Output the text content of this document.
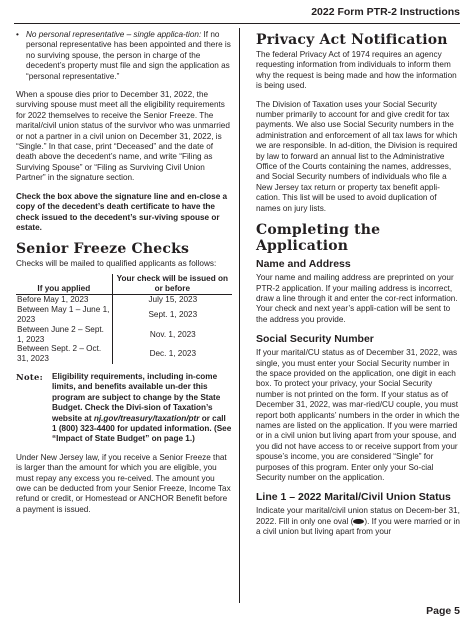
2022 Form PTR-2 Instructions
• No personal representative – single applica-tion: If no personal representative has been appointed and there is no surviving spouse, the person in charge of the decedent’s property must file and sign the application as “personal representative.”

When a spouse dies prior to December 31, 2022, the surviving spouse must meet all the eligibility requirements for 2022 themselves to receive the Senior Freeze. The marital/civil union status of the survivor who was unmarried or not a partner in a civil union on December 31, 2022, is “Single.” In that case, print “Deceased” and the date of death above the decedent’s name, and write “Filing as Surviving Spouse” or “Filing as Surviving Civil Union Partner” in the signature section.

Check the box above the signature line and en-close a copy of the decedent’s death certificate to have the check issued to the decedent’s sur-viving spouse or estate.

Senior Freeze Checks
Checks will be mailed to qualified applicants as follows:
If you applied	Your check will be issued on or before
Before May 1, 2023	July 15, 2023
Between May 1 – June 1, 2023	Sept. 1, 2023
Between June 2 – Sept. 1, 2023	Nov. 1, 2023
Between Sept. 2 – Oct. 31, 2023	Dec. 1, 2023
Note:	Eligibility requirements, including in-come limits, and benefits available un-der this program are subject to change by the State Budget. Check the Divi-sion of Taxation’s website at nj.gov/treasury/taxation/ptr or call 1 (800) 323-4400 for updated information. (See “Impact of State Budget” on page 1.)

Under New Jersey law, if you receive a Senior Freeze that is larger than the amount for which you are eligible, you must repay any excess you re-ceived. The amount you owe can be deducted from your Senior Freeze, Income Tax refund or credit, or Homestead or ANCHOR Benefit before a payment is issued.

Privacy Act Notification

The federal Privacy Act of 1974 requires an agency requesting information from individuals to inform them why the request is being made and how the information is being used.

The Division of Taxation uses your Social Security number primarily to account for and give credit for tax payments. We also use Social Security numbers in the administration and enforcement of all tax laws for which we are responsible. In ad-dition, the Division is required by law to forward an annual list to the Administrative Office of the Courts containing the names, addresses, and Social Security numbers of individuals who file a New Jersey tax return or property tax benefit appli-cation. This list will be used to avoid duplication of names on jury lists.

Completing the Application
Name and Address

Your name and mailing address are preprinted on your PTR-2 application. If your mailing address is incorrect, draw a line through it and enter the cor-rect information. Your check and next year’s appli-cation will be sent to the address you provide.

Social Security Number

If your marital/CU status as of December 31, 2022, was single, you must enter your Social Security number in the space provided on the application, one digit in each box. To protect your privacy, your Social Security number is not printed on the form. If your status as of December 31, 2022, was mar-ried/CU couple, you must report both applicants’ numbers in the order in which the names are listed on the application. If you were married or in a civil union but living apart from your spouse, and you did not have access to or receive support from your spouse’s income, you are considered “Single” for purposes of this program. Enter only your So-cial Security number on the application.

Line 1 – 2022 Marital/Civil Union Status

Indicate your marital/civil union status on Decem-ber 31, 2022. Fill in only one oval ( ). If you were married or in a civil union but living apart from your

Page 5
